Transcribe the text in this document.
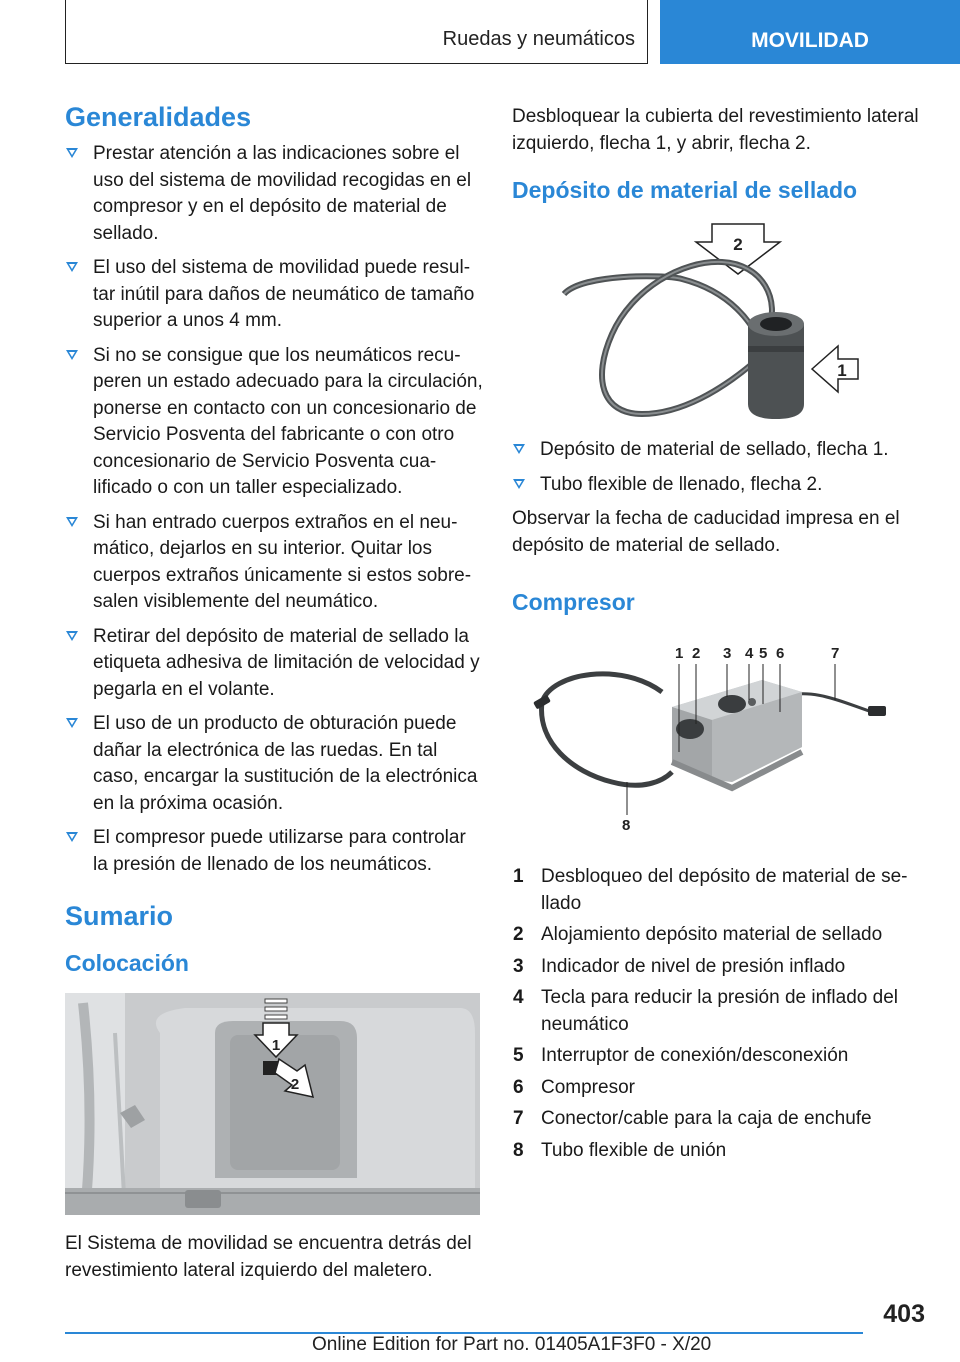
Ruedas y neumáticos	MOVILIDAD
Generalidades
Prestar atención a las indicaciones sobre el uso del sistema de movilidad recogidas en el compresor y en el depósito de material de sellado.
El uso del sistema de movilidad puede resul-tar inútil para daños de neumático de tamaño superior a unos 4 mm.
Si no se consigue que los neumáticos recu-peren un estado adecuado para la circulación, ponerse en contacto con un concesionario de Servicio Posventa del fabricante o con otro concesionario de Servicio Posventa cua-lificado o con un taller especializado.
Si han entrado cuerpos extraños en el neu-mático, dejarlos en su interior. Quitar los cuerpos extraños únicamente si estos sobre-salen visiblemente del neumático.
Retirar del depósito de material de sellado la etiqueta adhesiva de limitación de velocidad y pegarla en el volante.
El uso de un producto de obturación puede dañar la electrónica de las ruedas. En tal caso, encargar la sustitución de la electrónica en la próxima ocasión.
El compresor puede utilizarse para controlar la presión de llenado de los neumáticos.
Sumario
Colocación
1
2

El Sistema de movilidad se encuentra detrás del revestimiento lateral izquierdo del maletero.

Desbloquear la cubierta del revestimiento lateral izquierdo, flecha 1, y abrir, flecha 2.

Depósito de material de sellado
2
1
Depósito de material de sellado, flecha 1.
Tubo flexible de llenado, flecha 2.

Observar la fecha de caducidad impresa en el depósito de material de sellado.

Compresor
1 2 3 4 5 6	7
8
1 Desbloqueo del depósito de material de se-llado
2 Alojamiento depósito material de sellado
3 Indicador de nivel de presión inflado
4 Tecla para reducir la presión de inflado del neumático
5 Interruptor de conexión/desconexión
6 Compresor
7 Conector/cable para la caja de enchufe
8 Tubo flexible de unión
403
Online Edition for Part no. 01405A1F3F0 - X/20
